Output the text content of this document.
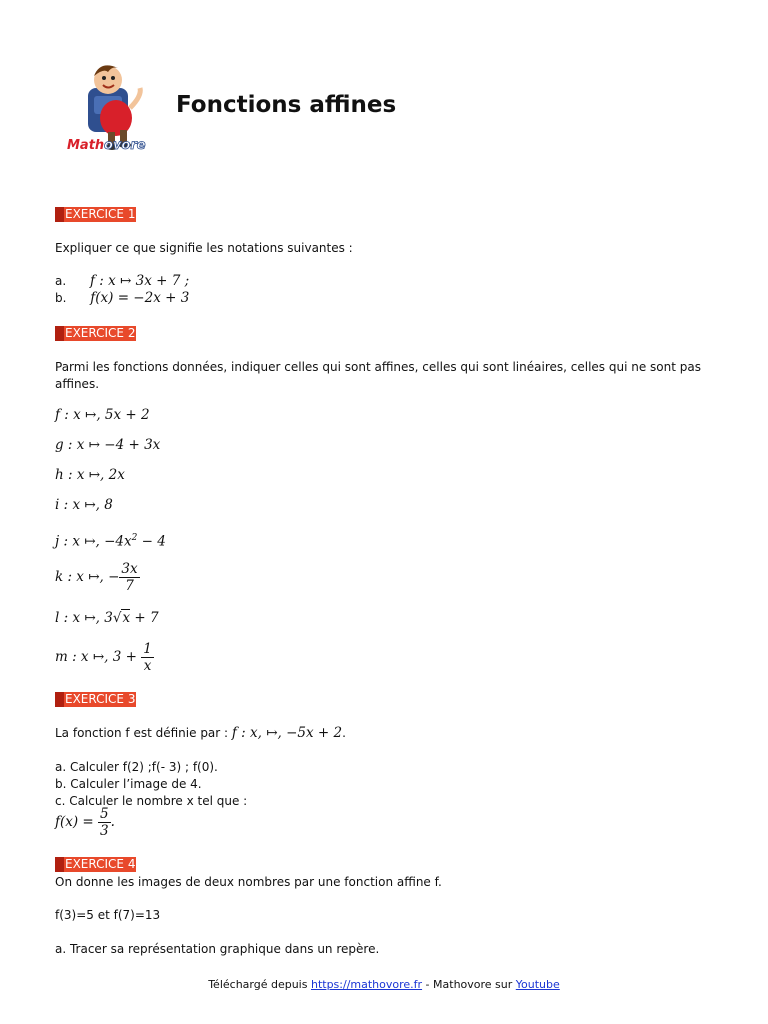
Math ovore
Fonctions affines
EXERCICE 1
Expliquer ce que signifie les notations suivantes :
a. f : x ↦ 3x + 7 ;
b. f(x) = −2x + 3
EXERCICE 2
Parmi les fonctions données, indiquer celles qui sont affines, celles qui sont linéaires, celles qui ne sont pas affines.
f : x ↦, 5x + 2
g : x ↦ −4 + 3x
h : x ↦, 2x
i : x ↦, 8
j : x ↦, $-4x^2 - 4$
k : x ↦, − $\frac{3x}{7}$
l : x ↦, 3√x + 7
m : x ↦, $3 + \frac{1}{x}$
EXERCICE 3
La fonction f est définie par : f : x, ↦, −5x + 2.
a. Calculer f(2) ;f(- 3) ; f(0).
b. Calculer l’image de 4.
c. Calculer le nombre x tel que :
$f(x) = \frac{5}{3}$ .
EXERCICE 4
On donne les images de deux nombres par une fonction affine f.
f(3)=5 et f(7)=13
a. Tracer sa représentation graphique dans un repère.
Téléchargé depuis https://mathovore.fr - Mathovore sur Youtube
